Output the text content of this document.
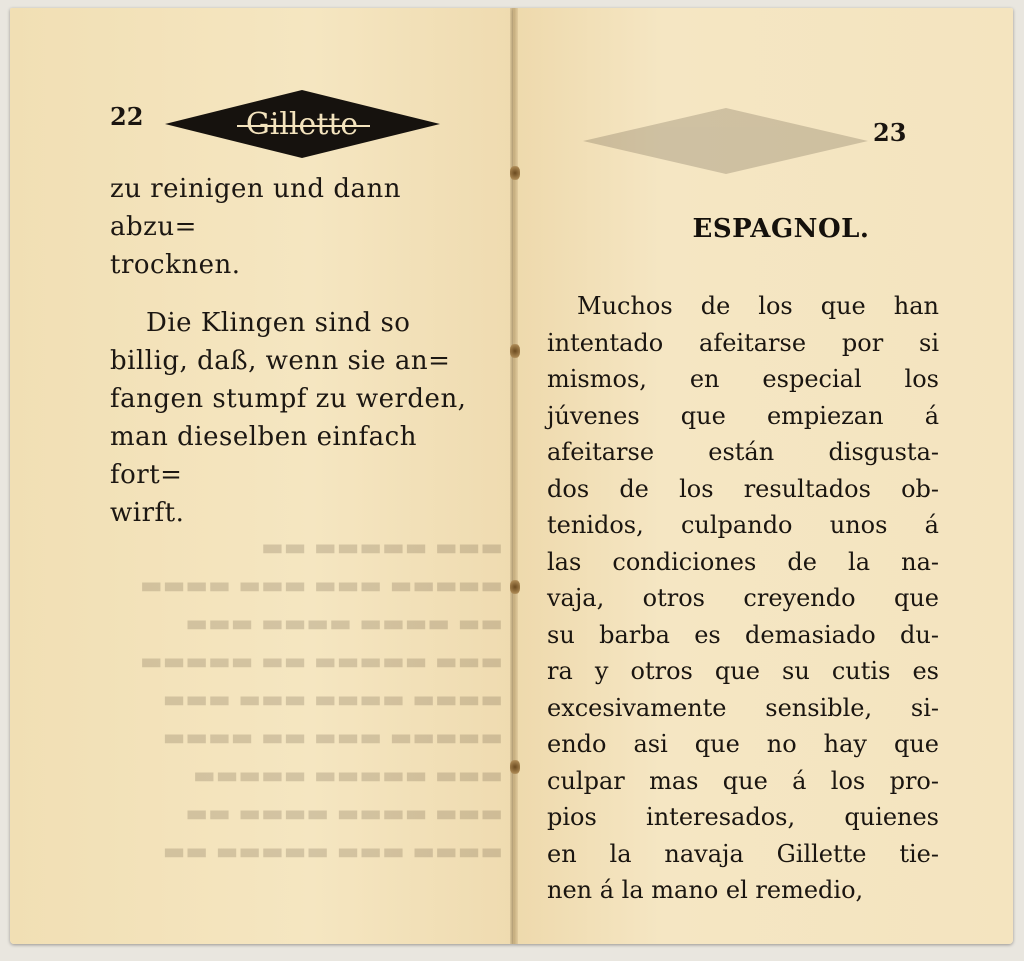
▬▬▬ ▬▬▬▬▬ ▬▬
▬▬▬▬▬ ▬▬▬ ▬▬▬ ▬▬▬▬
▬▬ ▬▬▬▬ ▬▬▬▬ ▬▬▬
▬▬▬ ▬▬▬▬▬ ▬▬ ▬▬▬▬▬
▬▬▬▬ ▬▬▬▬ ▬▬▬ ▬▬▬
▬▬▬▬▬ ▬▬▬ ▬▬ ▬▬▬▬
▬▬▬ ▬▬▬▬▬ ▬▬▬▬▬
▬▬▬ ▬▬▬▬ ▬▬▬▬ ▬▬
▬▬▬▬ ▬▬▬ ▬▬▬▬▬ ▬▬
22	Gillette

zu reinigen und dann abzu=
trocknen.

Die Klingen sind so
billig, daß, wenn sie an=
fangen stumpf zu werden,
man dieselben einfach fort=
wirft.

23
ESPAGNOL.
Muchos de los que han
intentado afeitarse por si
mismos, en especial los
júvenes que empiezan á
afeitarse están disgusta-
dos de los resultados ob-
tenidos, culpando unos á
las condiciones de la na-
vaja, otros creyendo que
su barba es demasiado du-
ra y otros que su cutis es
excesivamente sensible, si-
endo asi que no hay que
culpar mas que á los pro-
pios interesados, quienes
en la navaja Gillette tie-
nen á la mano el remedio,
